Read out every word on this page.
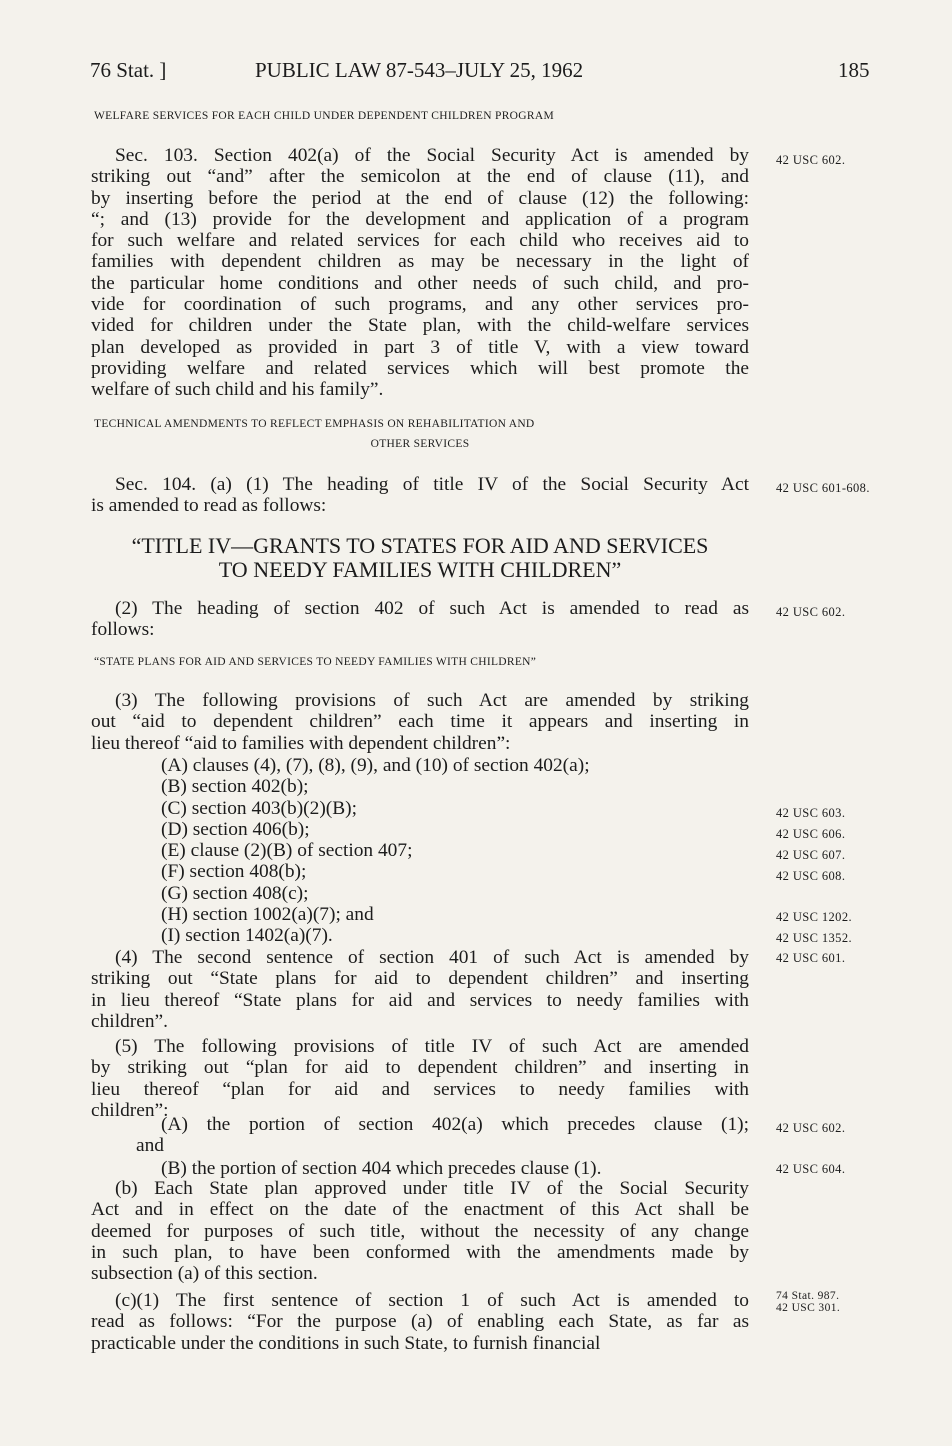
76 Stat. ]	PUBLIC LAW 87-543–JULY 25, 1962	185
WELFARE SERVICES FOR EACH CHILD UNDER DEPENDENT CHILDREN PROGRAM
Sec. 103. Section 402(a) of the Social Security Act is amended by
striking out “and” after the semicolon at the end of clause (11), and
by inserting before the period at the end of clause (12) the following:
“; and (13) provide for the development and application of a program
for such welfare and related services for each child who receives aid to
families with dependent children as may be necessary in the light of
the particular home conditions and other needs of such child, and pro-
vide for coordination of such programs, and any other services pro-
vided for children under the State plan, with the child-welfare services
plan developed as provided in part 3 of title V, with a view toward
providing welfare and related services which will best promote the
welfare of such child and his family”.
TECHNICAL AMENDMENTS TO REFLECT EMPHASIS ON REHABILITATION AND
OTHER SERVICES
Sec. 104. (a) (1) The heading of title IV of the Social Security Act
is amended to read as follows:
“TITLE IV—GRANTS TO STATES FOR AID AND SERVICES
TO NEEDY FAMILIES WITH CHILDREN”
(2) The heading of section 402 of such Act is amended to read as
follows:
“STATE PLANS FOR AID AND SERVICES TO NEEDY FAMILIES WITH CHILDREN”
(3) The following provisions of such Act are amended by striking
out “aid to dependent children” each time it appears and inserting in
lieu thereof “aid to families with dependent children”:
(A) clauses (4), (7), (8), (9), and (10) of section 402(a);
(B) section 402(b);
(C) section 403(b)(2)(B);
(D) section 406(b);
(E) clause (2)(B) of section 407;
(F) section 408(b);
(G) section 408(c);
(H) section 1002(a)(7); and
(I) section 1402(a)(7).
(4) The second sentence of section 401 of such Act is amended by
striking out “State plans for aid to dependent children” and inserting
in lieu thereof “State plans for aid and services to needy families with
children”.
(5) The following provisions of title IV of such Act are amended
by striking out “plan for aid to dependent children” and inserting in
lieu thereof “plan for aid and services to needy families with
children”:
(A) the portion of section 402(a) which precedes clause (1);
and
(B) the portion of section 404 which precedes clause (1).
(b) Each State plan approved under title IV of the Social Security
Act and in effect on the date of the enactment of this Act shall be
deemed for purposes of such title, without the necessity of any change
in such plan, to have been conformed with the amendments made by
subsection (a) of this section.
(c)(1) The first sentence of section 1 of such Act is amended to
read as follows: “For the purpose (a) of enabling each State, as far as
practicable under the conditions in such State, to furnish financial
42 USC 602.
42 USC 601-608.
42 USC 602.
42 USC 603.
42 USC 606.
42 USC 607.
42 USC 608.
42 USC 1202.
42 USC 1352.
42 USC 601.
42 USC 602.
42 USC 604.
74 Stat. 987.
42 USC 301.
